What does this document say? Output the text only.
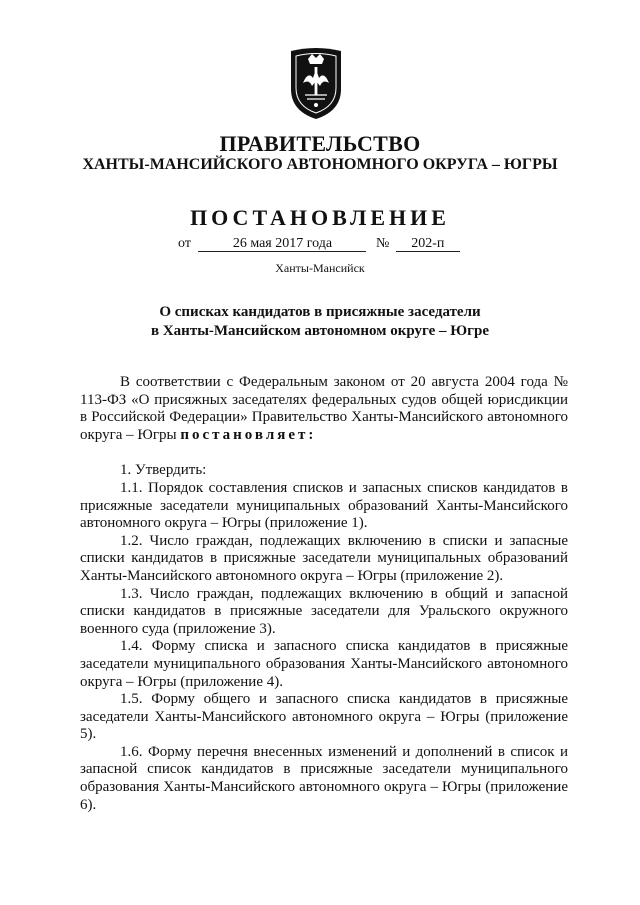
ПРАВИТЕЛЬСТВО
ХАНТЫ-МАНСИЙСКОГО АВТОНОМНОГО ОКРУГА – ЮГРЫ
ПОСТАНОВЛЕНИЕ
от	26 мая 2017 года	№ 202-п
Ханты-Мансийск
О списках кандидатов в присяжные заседатели
в Ханты-Мансийском автономном округе – Югре

В соответствии с Федеральным законом от 20 августа 2004 года № 113-ФЗ «О присяжных заседателях федеральных судов общей юрисдикции в Российской Федерации» Правительство Ханты-Мансийского автономного округа – Югры постановляет:

1. Утвердить:

1.1. Порядок составления списков и запасных списков кандидатов в присяжные заседатели муниципальных образований Ханты-Мансийского автономного округа – Югры (приложение 1).

1.2. Число граждан, подлежащих включению в списки и запасные списки кандидатов в присяжные заседатели муниципальных образований Ханты-Мансийского автономного округа – Югры (приложение 2).

1.3. Число граждан, подлежащих включению в общий и запасной списки кандидатов в присяжные заседатели для Уральского окружного военного суда (приложение 3).

1.4. Форму списка и запасного списка кандидатов в присяжные заседатели муниципального образования Ханты-Мансийского автономного округа – Югры (приложение 4).

1.5. Форму общего и запасного списка кандидатов в присяжные заседатели Ханты-Мансийского автономного округа – Югры (приложение 5).

1.6. Форму перечня внесенных изменений и дополнений в список и запасной список кандидатов в присяжные заседатели муниципального образования Ханты-Мансийского автономного округа – Югры (приложение 6).
